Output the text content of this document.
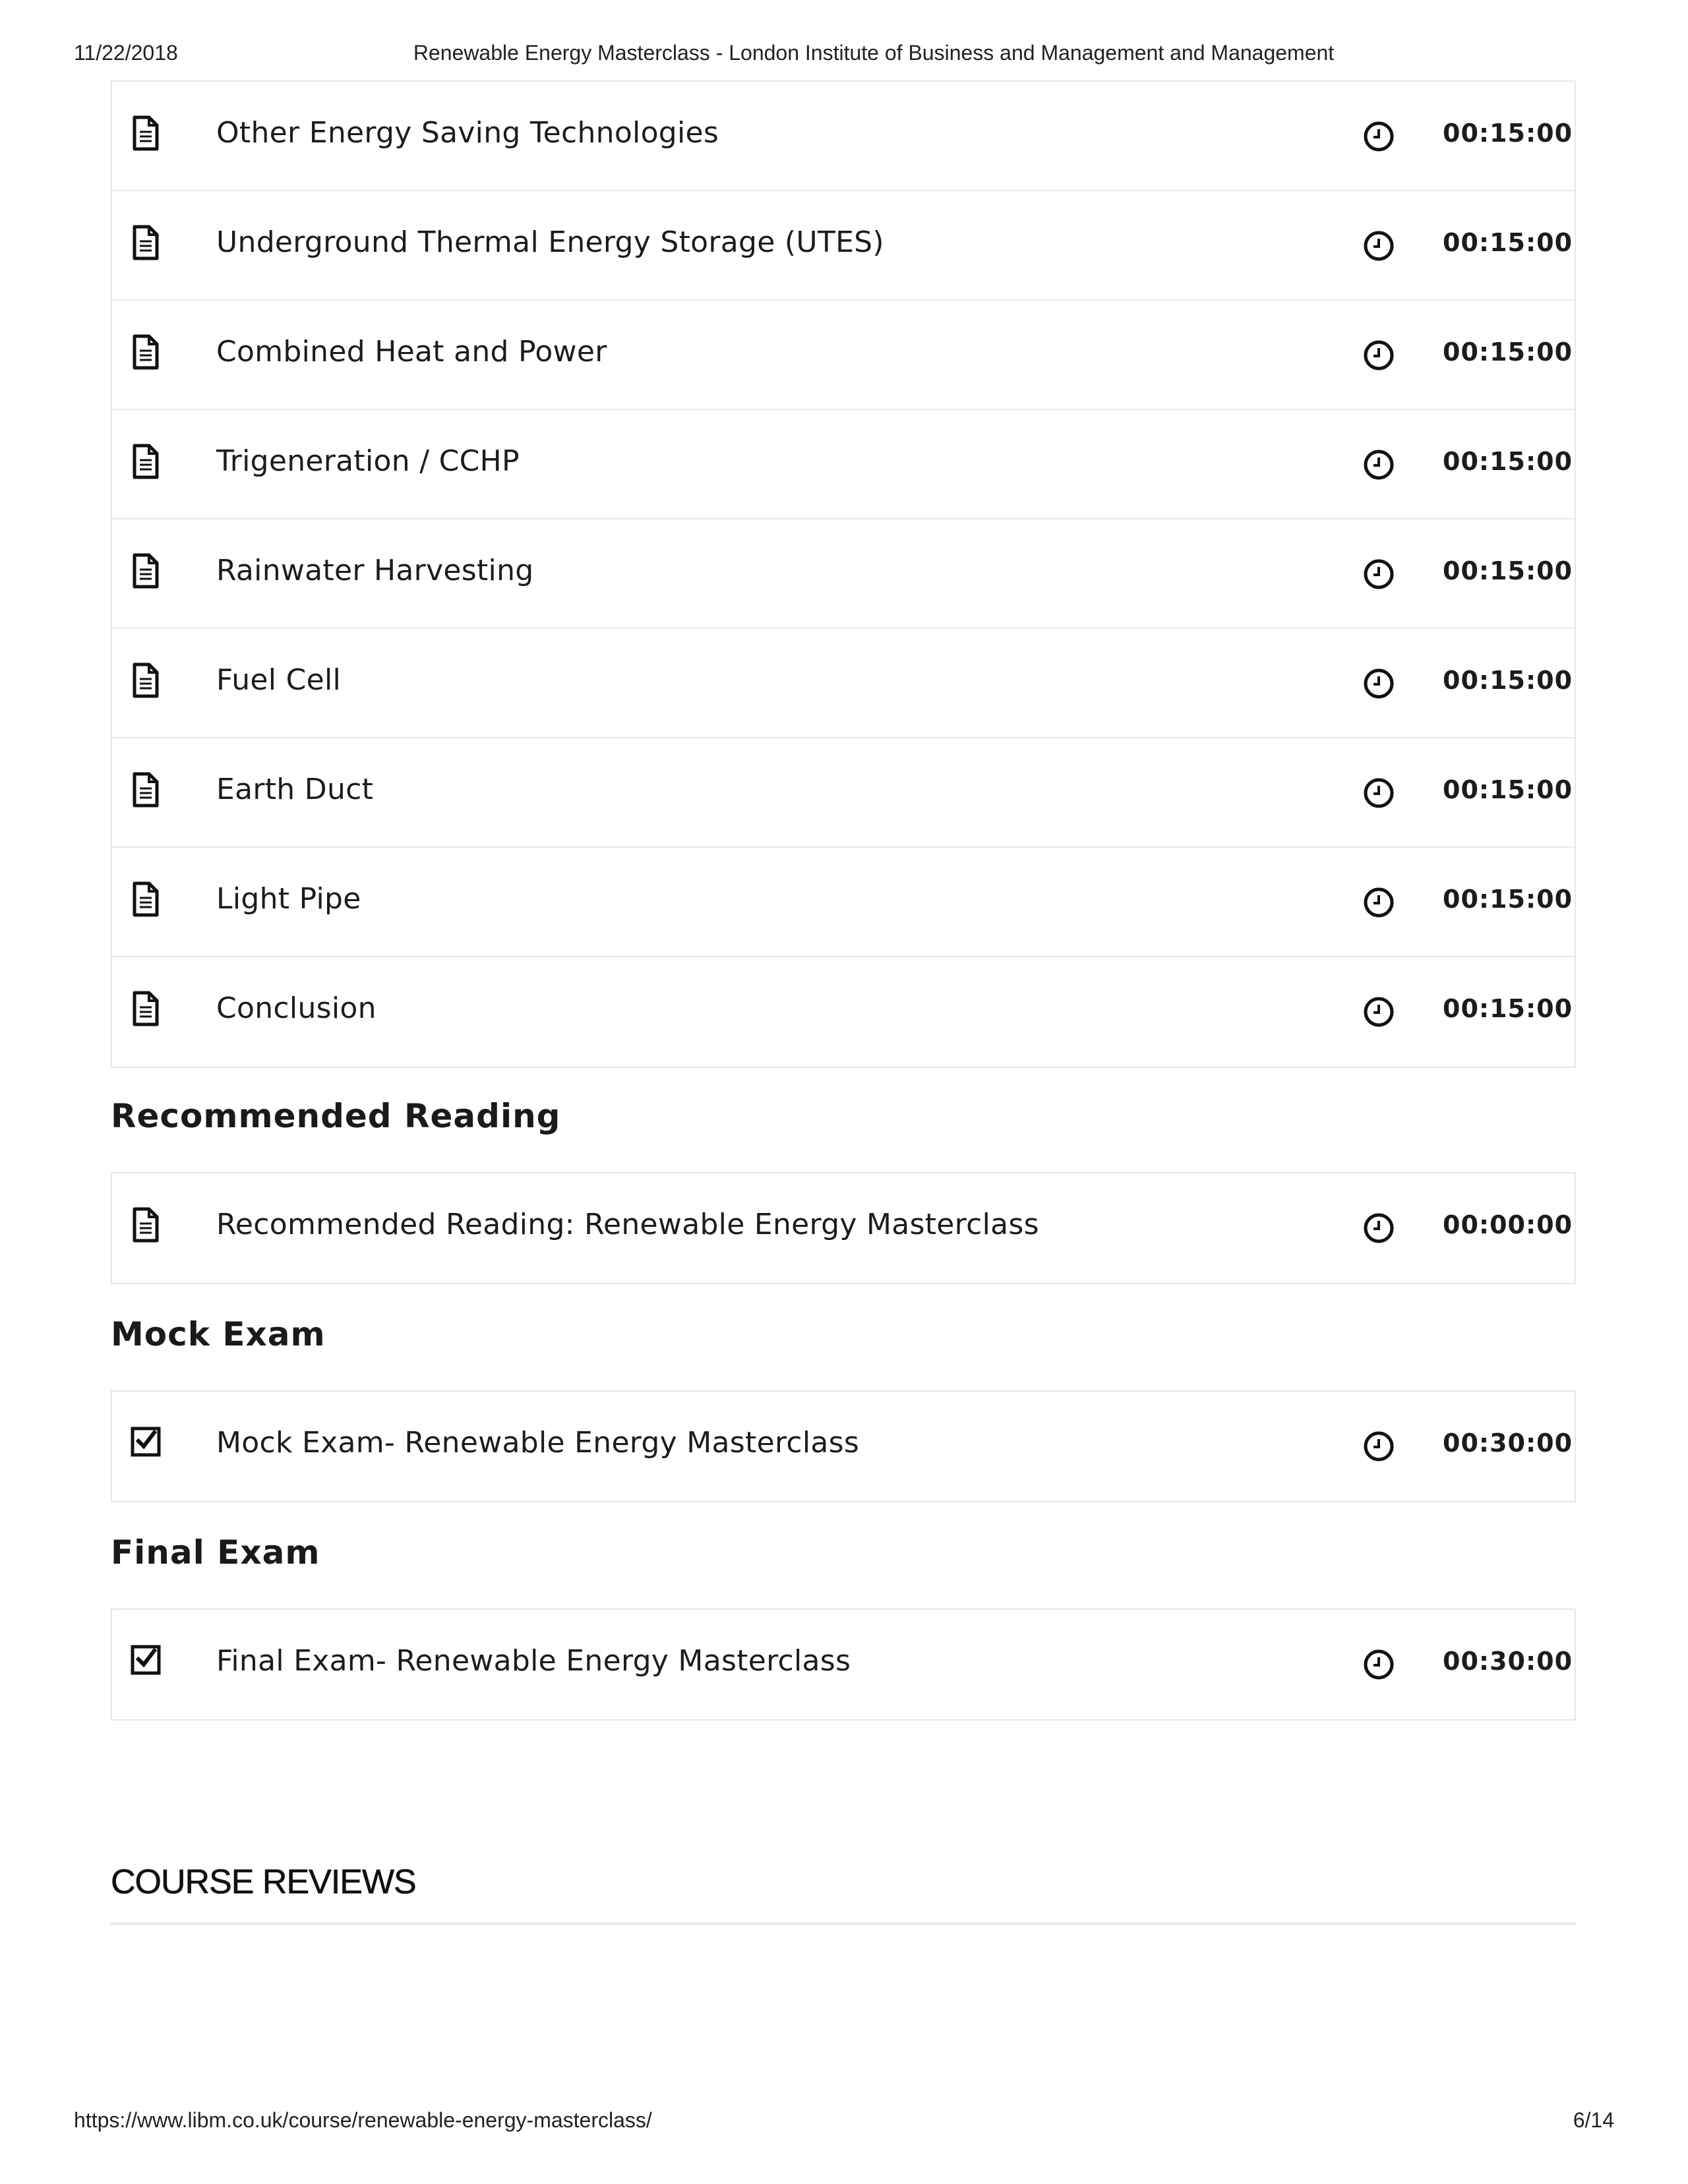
11/22/2018	Renewable Energy Masterclass - London Institute of Business and Management and Management
Other Energy Saving Technologies	00:15:00
Underground Thermal Energy Storage (UTES)	00:15:00
Combined Heat and Power	00:15:00
Trigeneration / CCHP	00:15:00
Rainwater Harvesting	00:15:00
Fuel Cell	00:15:00
Earth Duct	00:15:00
Light Pipe	00:15:00
Conclusion	00:15:00
Recommended Reading
Recommended Reading: Renewable Energy Masterclass	00:00:00
Mock Exam
Mock Exam- Renewable Energy Masterclass	00:30:00
Final Exam
Final Exam- Renewable Energy Masterclass	00:30:00
COURSE REVIEWS
https://www.libm.co.uk/course/renewable-energy-masterclass/	6/14
